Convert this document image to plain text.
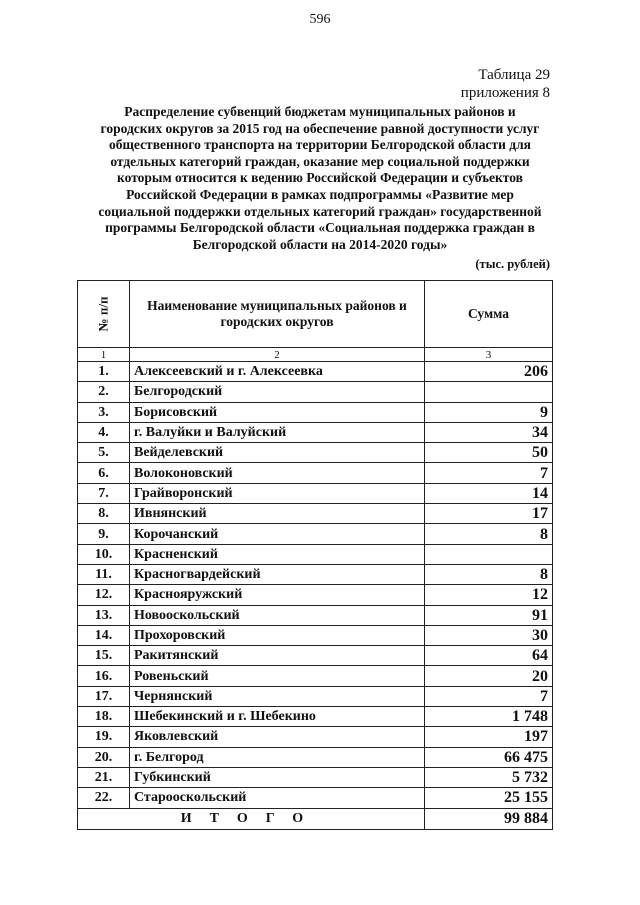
596
Таблица 29
приложения 8
Распределение субвенций бюджетам муниципальных районов и
городских округов за 2015 год на обеспечение равной доступности услуг
общественного транспорта на территории Белгородской области для
отдельных категорий граждан, оказание мер социальной поддержки
которым относится к ведению Российской Федерации и субъектов
Российской Федерации в рамках подпрограммы «Развитие мер
социальной поддержки отдельных категорий граждан» государственной
программы Белгородской области «Социальная поддержка граждан в
Белгородской области на 2014-2020 годы»
(тыс. рублей)
№ п/п	Наименование муниципальных районов и городских округов	Сумма
1	2	3
1.	Алексеевский и г. Алексеевка	206
2.	Белгородский	
3.	Борисовский	9
4.	г. Валуйки и Валуйский	34
5.	Вейделевский	50
6.	Волоконовский	7
7.	Грайворонский	14
8.	Ивнянский	17
9.	Корочанский	8
10.	Красненский	
11.	Красногвардейский	8
12.	Краснояружский	12
13.	Новооскольский	91
14.	Прохоровский	30
15.	Ракитянский	64
16.	Ровеньский	20
17.	Чернянский	7
18.	Шебекинский и г. Шебекино	1 748
19.	Яковлевский	197
20.	г. Белгород	66 475
21.	Губкинский	5 732
22.	Старооскольский	25 155
ИТОГО		99 884
